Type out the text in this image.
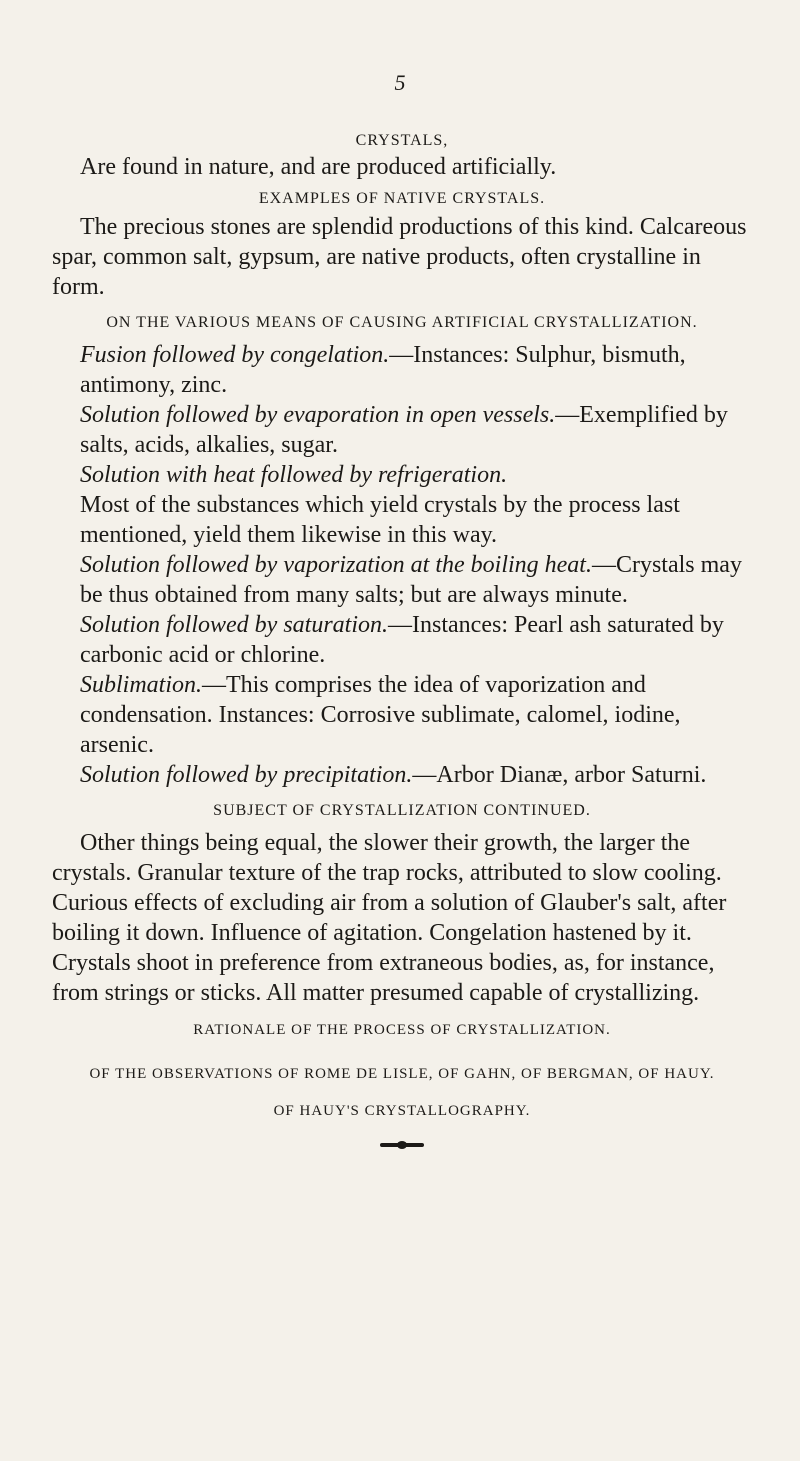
5

CRYSTALS,

Are found in nature, and are produced artificially.

EXAMPLES OF NATIVE CRYSTALS.

The precious stones are splendid productions of this kind. Calcareous spar, common salt, gypsum, are native products, often crystalline in form.

ON THE VARIOUS MEANS OF CAUSING ARTIFICIAL CRYSTALLIZATION.

Fusion followed by congelation.—Instances: Sulphur, bismuth, antimony, zinc.

Solution followed by evaporation in open vessels.—Exemplified by salts, acids, alkalies, sugar.

Solution with heat followed by refrigeration.

Most of the substances which yield crystals by the process last mentioned, yield them likewise in this way.

Solution followed by vaporization at the boiling heat.—Crystals may be thus obtained from many salts; but are always minute.

Solution followed by saturation.—Instances: Pearl ash saturated by carbonic acid or chlorine.

Sublimation.—This comprises the idea of vaporization and condensation. Instances: Corrosive sublimate, calomel, iodine, arsenic.

Solution followed by precipitation.—Arbor Dianæ, arbor Saturni.

SUBJECT OF CRYSTALLIZATION CONTINUED.

Other things being equal, the slower their growth, the larger the crystals. Granular texture of the trap rocks, attributed to slow cooling. Curious effects of excluding air from a solution of Glauber's salt, after boiling it down. Influence of agitation. Congelation hastened by it. Crystals shoot in preference from extraneous bodies, as, for instance, from strings or sticks. All matter presumed capable of crystallizing.

RATIONALE OF THE PROCESS OF CRYSTALLIZATION.

OF THE OBSERVATIONS OF ROME DE LISLE, OF GAHN, OF BERGMAN, OF HAUY.

OF HAUY'S CRYSTALLOGRAPHY.
